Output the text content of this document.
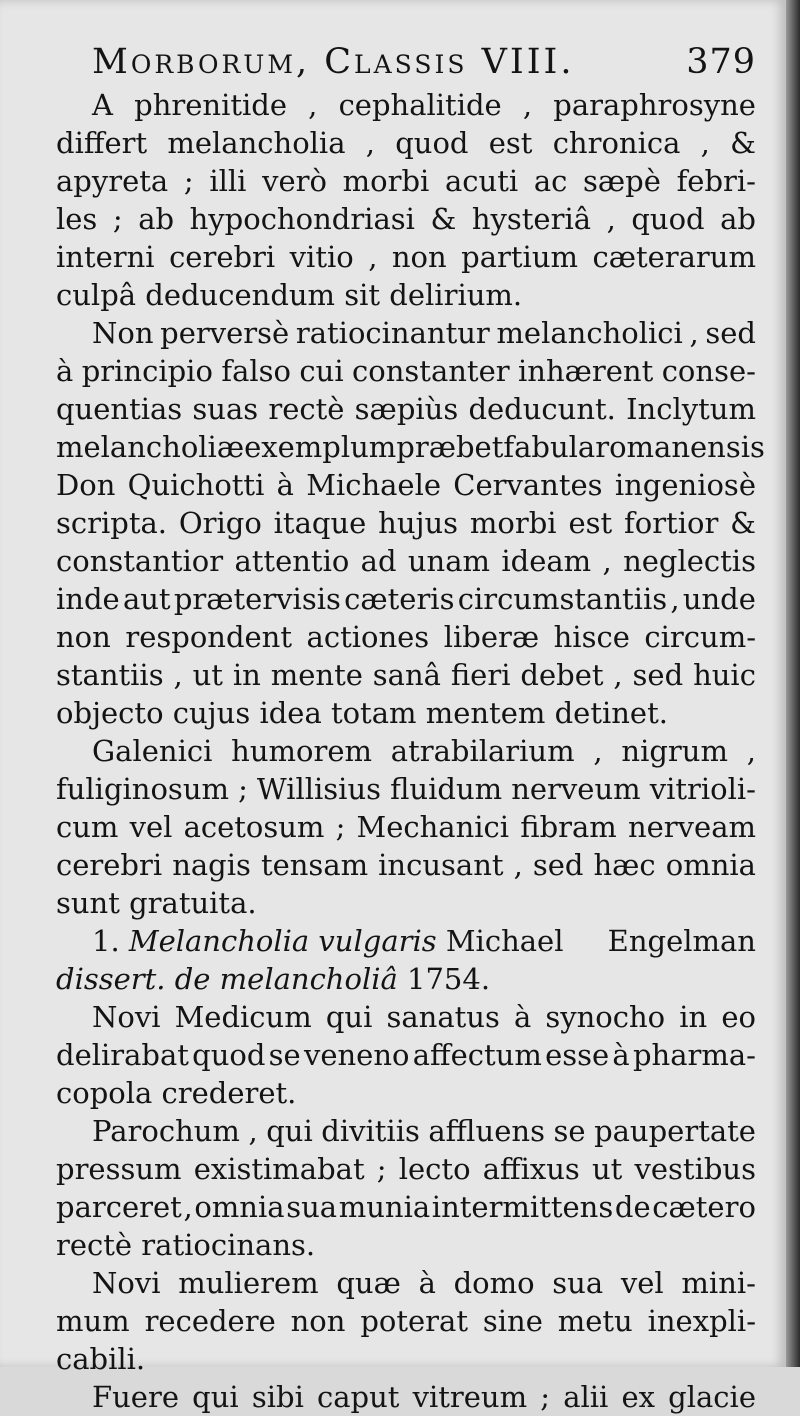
Morborum, Classis VIII.	379
A phrenitide , cephalitide , paraphrosyne
differt melancholia , quod est chronica , &
apyreta ; illi verò morbi acuti ac sæpè febri-
les ; ab hypochondriasi & hysteriâ , quod ab
interni cerebri vitio , non partium cæterarum
culpâ deducendum sit delirium.
Non perversè ratiocinantur melancholici , sed
à principio falso cui constanter inhærent conse-
quentias suas rectè sæpiùs deducunt. Inclytum
melancholiæ exemplum præbet fabula romanensis
Don Quichotti à Michaele Cervantes ingeniosè
scripta. Origo itaque hujus morbi est fortior &
constantior attentio ad unam ideam , neglectis
inde aut prætervisis cæteris circumstantiis , unde
non respondent actiones liberæ hisce circum-
stantiis , ut in mente sanâ fieri debet , sed huic
objecto cujus idea totam mentem detinet.
Galenici humorem atrabilarium , nigrum ,
fuliginosum ; Willisius fluidum nerveum vitrioli-
cum vel acetosum ; Mechanici fibram nerveam
cerebri nagis tensam incusant , sed hæc omnia
sunt gratuita.
1. Melancholia vulgaris Michael Engelman
dissert. de melancholiâ
1754.
Novi Medicum qui sanatus à synocho in eo
delirabat quod se veneno affectum esse à pharma-
copola crederet.
Parochum , qui divitiis affluens se paupertate
pressum existimabat ; lecto affixus ut vestibus
parceret , omnia sua munia intermittens de cætero
rectè ratiocinans.
Novi mulierem quæ à domo sua vel mini-
mum recedere non poterat sine metu inexpli-
cabili.
Fuere qui sibi caput vitreum ; alii ex glacie
